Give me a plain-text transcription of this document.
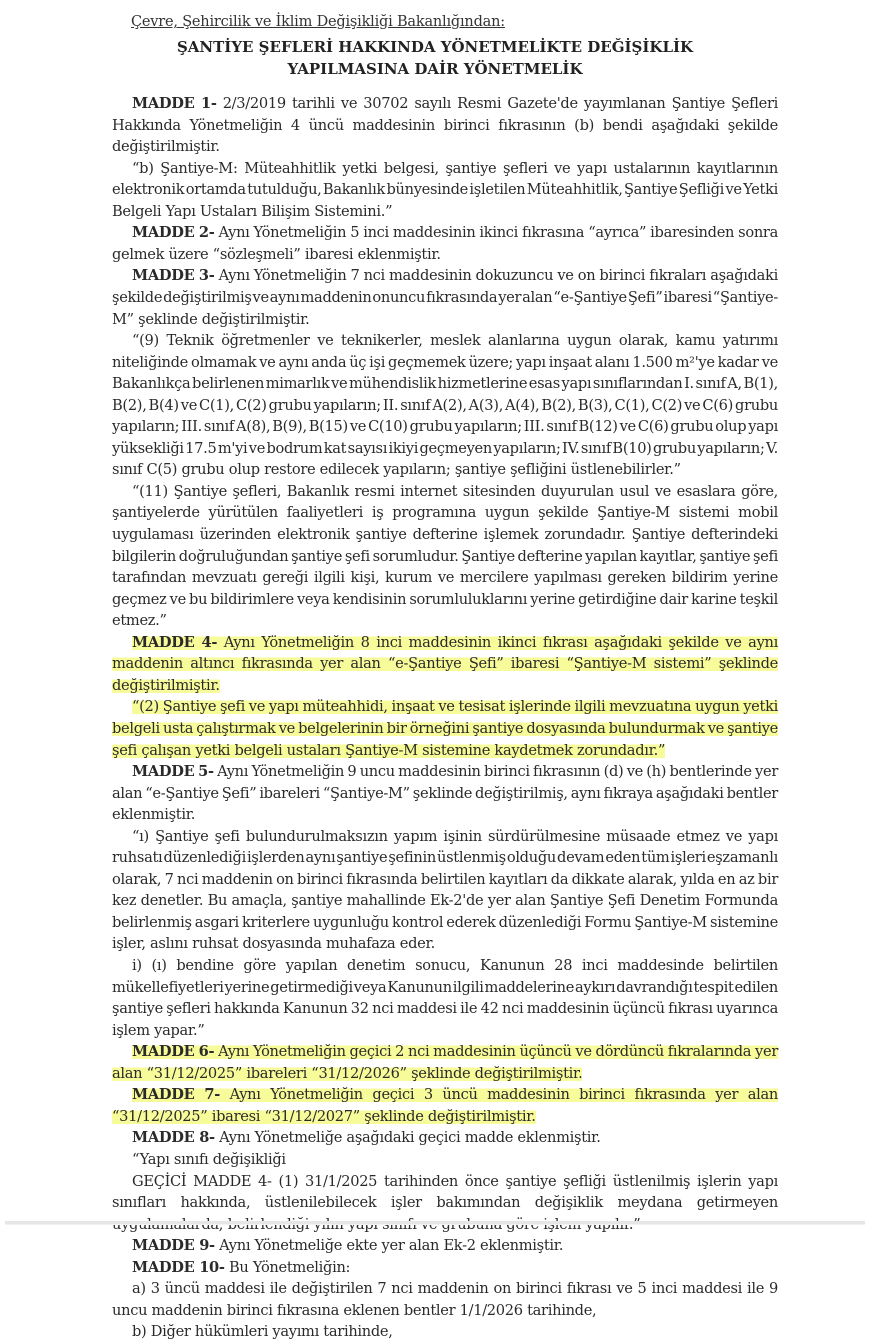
Çevre, Şehircilik ve İklim Değişikliği Bakanlığından:
ŞANTİYE ŞEFLERİ HAKKINDA YÖNETMELİKTE DEĞİŞİKLİK
YAPILMASINA DAİR YÖNETMELİK
MADDE 1- 2/3/2019 tarihli ve 30702 sayılı Resmi Gazete'de yayımlanan Şantiye Şefleri
Hakkında Yönetmeliğin 4 üncü maddesinin birinci fıkrasının (b) bendi aşağıdaki şekilde
değiştirilmiştir.
“b) Şantiye-M: Müteahhitlik yetki belgesi, şantiye şefleri ve yapı ustalarının kayıtlarının
elektronik ortamda tutulduğu, Bakanlık bünyesinde işletilen Müteahhitlik, Şantiye Şefliği ve Yetki
Belgeli Yapı Ustaları Bilişim Sistemini.”
MADDE 2- Aynı Yönetmeliğin 5 inci maddesinin ikinci fıkrasına “ayrıca” ibaresinden sonra
gelmek üzere “sözleşmeli” ibaresi eklenmiştir.
MADDE 3- Aynı Yönetmeliğin 7 nci maddesinin dokuzuncu ve on birinci fıkraları aşağıdaki
şekilde değiştirilmiş ve aynı maddenin onuncu fıkrasında yer alan “e-Şantiye Şefi” ibaresi “Şantiye-
M” şeklinde değiştirilmiştir.
“(9) Teknik öğretmenler ve teknikerler, meslek alanlarına uygun olarak, kamu yatırımı
niteliğinde olmamak ve aynı anda üç işi geçmemek üzere; yapı inşaat alanı 1.500 m²'ye kadar ve
Bakanlıkça belirlenen mimarlık ve mühendislik hizmetlerine esas yapı sınıflarından I. sınıf A, B(1),
B(2), B(4) ve C(1), C(2) grubu yapıların; II. sınıf A(2), A(3), A(4), B(2), B(3), C(1), C(2) ve C(6) grubu
yapıların; III. sınıf A(8), B(9), B(15) ve C(10) grubu yapıların; III. sınıf B(12) ve C(6) grubu olup yapı
yüksekliği 17.5 m'yi ve bodrum kat sayısı ikiyi geçmeyen yapıların; IV. sınıf B(10) grubu yapıların; V.
sınıf C(5) grubu olup restore edilecek yapıların; şantiye şefliğini üstlenebilirler.”
“(11) Şantiye şefleri, Bakanlık resmi internet sitesinden duyurulan usul ve esaslara göre,
şantiyelerde yürütülen faaliyetleri iş programına uygun şekilde Şantiye-M sistemi mobil
uygulaması üzerinden elektronik şantiye defterine işlemek zorundadır. Şantiye defterindeki
bilgilerin doğruluğundan şantiye şefi sorumludur. Şantiye defterine yapılan kayıtlar, şantiye şefi
tarafından mevzuatı gereği ilgili kişi, kurum ve mercilere yapılması gereken bildirim yerine
geçmez ve bu bildirimlere veya kendisinin sorumluluklarını yerine getirdiğine dair karine teşkil
etmez.”
MADDE 4- Aynı Yönetmeliğin 8 inci maddesinin ikinci fıkrası aşağıdaki şekilde ve aynı
maddenin altıncı fıkrasında yer alan “e-Şantiye Şefi” ibaresi “Şantiye-M sistemi” şeklinde
değiştirilmiştir.
“(2) Şantiye şefi ve yapı müteahhidi, inşaat ve tesisat işlerinde ilgili mevzuatına uygun yetki
belgeli usta çalıştırmak ve belgelerinin bir örneğini şantiye dosyasında bulundurmak ve şantiye
şefi çalışan yetki belgeli ustaları Şantiye-M sistemine kaydetmek zorundadır.”
MADDE 5- Aynı Yönetmeliğin 9 uncu maddesinin birinci fıkrasının (d) ve (h) bentlerinde yer
alan “e-Şantiye Şefi” ibareleri “Şantiye-M” şeklinde değiştirilmiş, aynı fıkraya aşağıdaki bentler
eklenmiştir.
“ı) Şantiye şefi bulundurulmaksızın yapım işinin sürdürülmesine müsaade etmez ve yapı
ruhsatı düzenlediği işlerden aynı şantiye şefinin üstlenmiş olduğu devam eden tüm işleri eşzamanlı
olarak, 7 nci maddenin on birinci fıkrasında belirtilen kayıtları da dikkate alarak, yılda en az bir
kez denetler. Bu amaçla, şantiye mahallinde Ek-2'de yer alan Şantiye Şefi Denetim Formunda
belirlenmiş asgari kriterlere uygunluğu kontrol ederek düzenlediği Formu Şantiye-M sistemine
işler, aslını ruhsat dosyasında muhafaza eder.
i) (ı) bendine göre yapılan denetim sonucu, Kanunun 28 inci maddesinde belirtilen
mükellefiyetleri yerine getirmediği veya Kanunun ilgili maddelerine aykırı davrandığı tespit edilen
şantiye şefleri hakkında Kanunun 32 nci maddesi ile 42 nci maddesinin üçüncü fıkrası uyarınca
işlem yapar.”
MADDE 6- Aynı Yönetmeliğin geçici 2 nci maddesinin üçüncü ve dördüncü fıkralarında yer
alan “31/12/2025” ibareleri “31/12/2026” şeklinde değiştirilmiştir.
MADDE 7- Aynı Yönetmeliğin geçici 3 üncü maddesinin birinci fıkrasında yer alan
“31/12/2025” ibaresi “31/12/2027” şeklinde değiştirilmiştir.
MADDE 8- Aynı Yönetmeliğe aşağıdaki geçici madde eklenmiştir.
“Yapı sınıfı değişikliği
GEÇİCİ MADDE 4- (1) 31/1/2025 tarihinden önce şantiye şefliği üstlenilmiş işlerin yapı
sınıfları hakkında, üstlenilebilecek işler bakımından değişiklik meydana getirmeyen
MADDE 9- Aynı Yönetmeliğe ekte yer alan Ek-2 eklenmiştir.
MADDE 10- Bu Yönetmeliğin:
a) 3 üncü maddesi ile değiştirilen 7 nci maddenin on birinci fıkrası ve 5 inci maddesi ile 9
uncu maddenin birinci fıkrasına eklenen bentler 1/1/2026 tarihinde,
b) Diğer hükümleri yayımı tarihinde,
